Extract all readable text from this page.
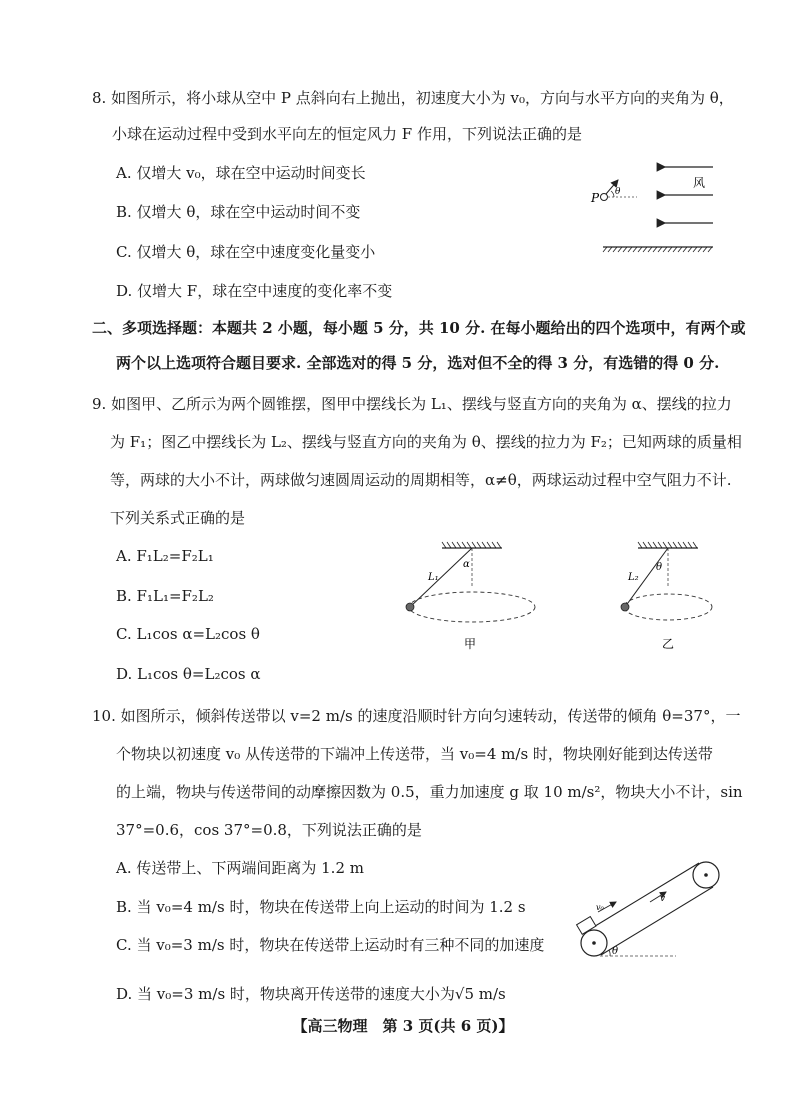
8. 如图所示，将小球从空中 P 点斜向右上抛出，初速度大小为 v₀，方向与水平方向的夹角为 θ，
小球在运动过程中受到水平向左的恒定风力 F 作用，下列说法正确的是
A. 仅增大 v₀，球在空中运动时间变长
B. 仅增大 θ，球在空中运动时间不变
C. 仅增大 θ，球在空中速度变化量变小
D. 仅增大 F，球在空中速度的变化率不变
风
P θ
二、多项选择题：本题共 2 小题，每小题 5 分，共 10 分. 在每小题给出的四个选项中，有两个或
两个以上选项符合题目要求. 全部选对的得 5 分，选对但不全的得 3 分，有选错的得 0 分.
9. 如图甲、乙所示为两个圆锥摆，图甲中摆线长为 L₁、摆线与竖直方向的夹角为 α、摆线的拉力
为 F₁；图乙中摆线长为 L₂、摆线与竖直方向的夹角为 θ、摆线的拉力为 F₂；已知两球的质量相
等，两球的大小不计，两球做匀速圆周运动的周期相等，α≠θ，两球运动过程中空气阻力不计.
下列关系式正确的是
A. F₁L₂=F₂L₁
B. F₁L₁=F₂L₂
C. L₁cos α=L₂cos θ
D. L₁cos θ=L₂cos α
L₁
α
甲
L₂
θ
乙
10. 如图所示，倾斜传送带以 v=2 m/s 的速度沿顺时针方向匀速转动，传送带的倾角 θ=37°，一
个物块以初速度 v₀ 从传送带的下端冲上传送带，当 v₀=4 m/s 时，物块刚好能到达传送带
的上端，物块与传送带间的动摩擦因数为 0.5，重力加速度 g 取 10 m/s²，物块大小不计，sin
37°=0.6，cos 37°=0.8，下列说法正确的是
A. 传送带上、下两端间距离为 1.2 m
B. 当 v₀=4 m/s 时，物块在传送带上向上运动的时间为 1.2 s
C. 当 v₀=3 m/s 时，物块在传送带上运动时有三种不同的加速度
D. 当 v₀=3 m/s 时，物块离开传送带的速度大小为√5 m/s
v₀
v
θ
【高三物理　第 3 页(共 6 页)】
